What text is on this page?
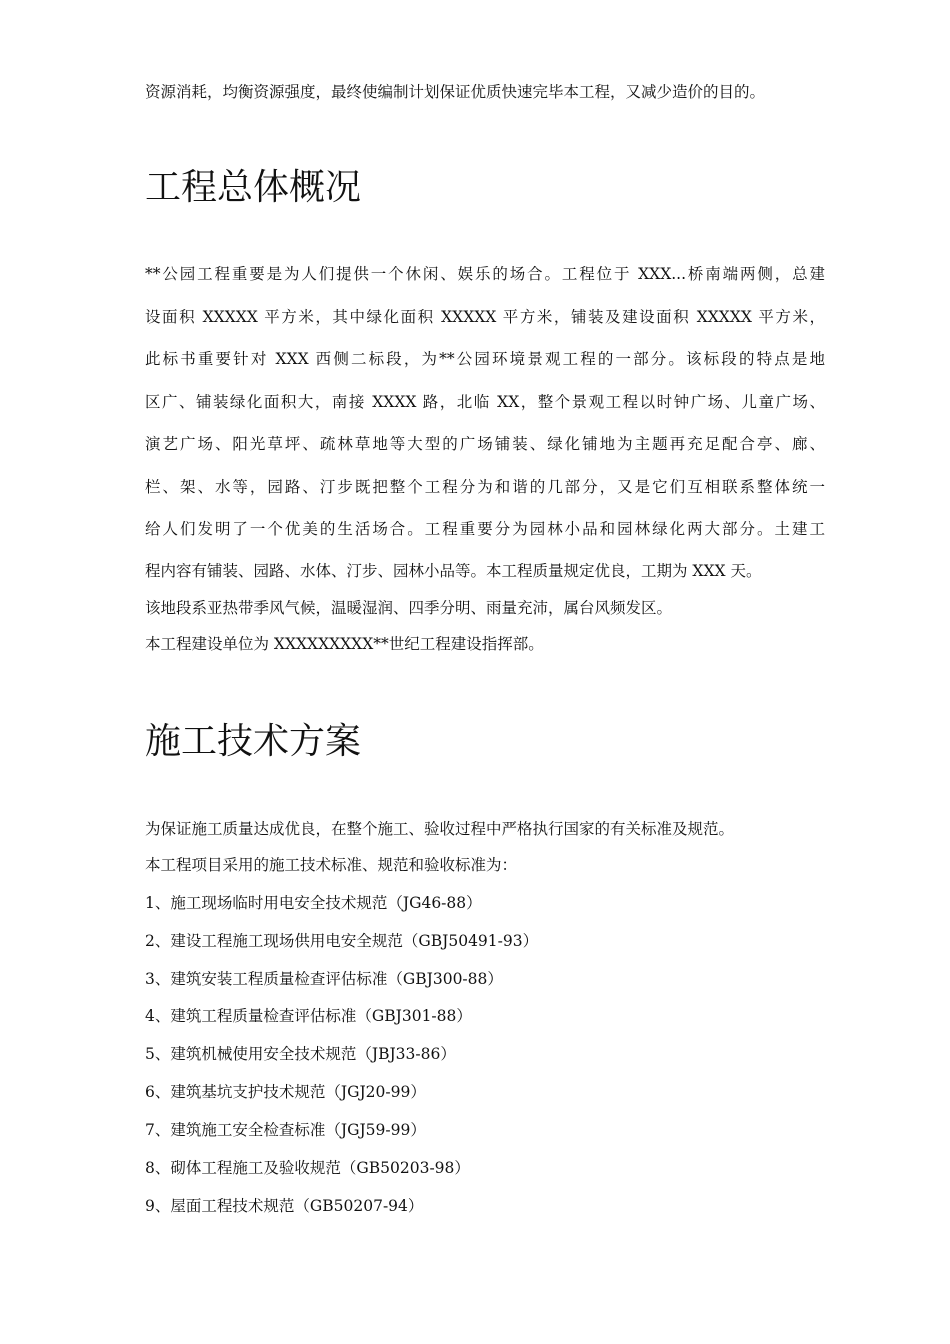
资源消耗，均衡资源强度，最终使编制计划保证优质快速完毕本工程，又减少造价的目的。
工程总体概况
**公园工程重要是为人们提供一个休闲、娱乐的场合。工程位于 XXX...桥南端两侧，总建
设面积 XXXXX 平方米，其中绿化面积 XXXXX 平方米，铺装及建设面积 XXXXX 平方米，
此标书重要针对 XXX 西侧二标段，为**公园环境景观工程的一部分。该标段的特点是地
区广、铺装绿化面积大，南接 XXXX 路，北临 XX，整个景观工程以时钟广场、儿童广场、
演艺广场、阳光草坪、疏林草地等大型的广场铺装、绿化铺地为主题再充足配合亭、廊、
栏、架、水等，园路、汀步既把整个工程分为和谐的几部分，又是它们互相联系整体统一
给人们发明了一个优美的生活场合。工程重要分为园林小品和园林绿化两大部分。土建工
程内容有铺装、园路、水体、汀步、园林小品等。本工程质量规定优良，工期为 XXX 天。
该地段系亚热带季风气候，温暖湿润、四季分明、雨量充沛，属台风频发区。
本工程建设单位为 XXXXXXXXX**世纪工程建设指挥部。
施工技术方案
为保证施工质量达成优良，在整个施工、验收过程中严格执行国家的有关标准及规范。
本工程项目采用的施工技术标准、规范和验收标准为：
1、施工现场临时用电安全技术规范（JG46-88）
2、建设工程施工现场供用电安全规范（GBJ50491-93）
3、建筑安装工程质量检查评估标准（GBJ300-88）
4、建筑工程质量检查评估标准（GBJ301-88）
5、建筑机械使用安全技术规范（JBJ33-86）
6、建筑基坑支护技术规范（JGJ20-99）
7、建筑施工安全检查标准（JGJ59-99）
8、砌体工程施工及验收规范（GB50203-98）
9、屋面工程技术规范（GB50207-94）
